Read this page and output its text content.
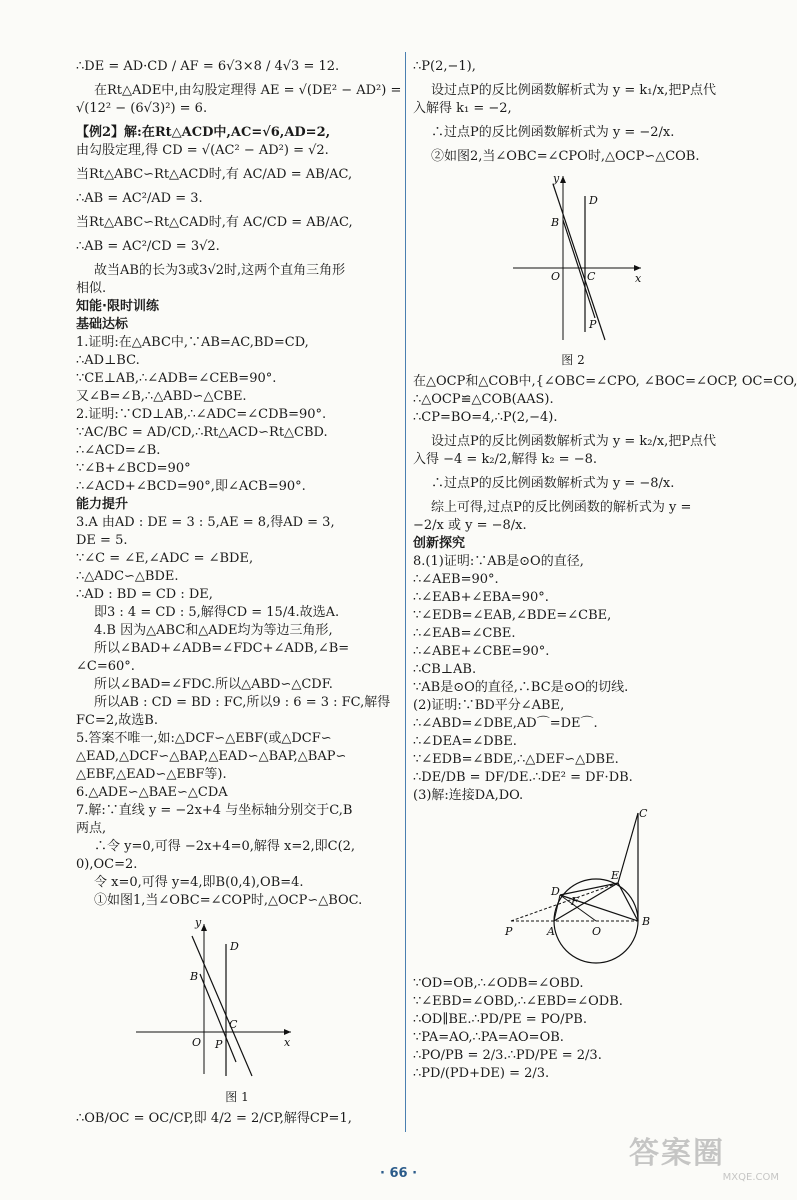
∴DE = AD·CD / AF = 6√3×8 / 4√3 = 12.
在Rt△ADE中,由勾股定理得 AE = √(DE² − AD²) =
√(12² − (6√3)²) = 6.
【例2】解:在Rt△ACD中,AC=√6,AD=2,
由勾股定理,得 CD = √(AC² − AD²) = √2.
当Rt△ABC∽Rt△ACD时,有 AC/AD = AB/AC,
∴AB = AC²/AD = 3.
当Rt△ABC∽Rt△CAD时,有 AC/CD = AB/AC,
∴AB = AC²/CD = 3√2.
故当AB的长为3或3√2时,这两个直角三角形
相似.
知能·限时训练
基础达标
1.证明:在△ABC中,∵AB=AC,BD=CD,
∴AD⊥BC.
∵CE⊥AB,∴∠ADB=∠CEB=90°.
又∠B=∠B,∴△ABD∽△CBE.
2.证明:∵CD⊥AB,∴∠ADC=∠CDB=90°.
∵AC/BC = AD/CD,∴Rt△ACD∽Rt△CBD.
∴∠ACD=∠B.
∵∠B+∠BCD=90°
∴∠ACD+∠BCD=90°,即∠ACB=90°.
能力提升
3.A 由AD : DE = 3 : 5,AE = 8,得AD = 3,
DE = 5.
∵∠C = ∠E,∠ADC = ∠BDE,
∴△ADC∽△BDE.
∴AD : BD = CD : DE,
即3 : 4 = CD : 5,解得CD = 15/4.故选A.
4.B 因为△ABC和△ADE均为等边三角形,
所以∠BAD+∠ADB=∠FDC+∠ADB,∠B=
∠C=60°.
所以∠BAD=∠FDC.所以△ABD∽△CDF.
所以AB : CD = BD : FC,所以9 : 6 = 3 : FC,解得
FC=2,故选B.
5.答案不唯一,如:△DCF∽△EBF(或△DCF∽
△EAD,△DCF∽△BAP,△EAD∽△BAP,△BAP∽
△EBF,△EAD∽△EBF等).
6.△ADE∽△BAE∽△CDA
7.解:∵直线 y = −2x+4 与坐标轴分别交于C,B
两点,
∴令 y=0,可得 −2x+4=0,解得 x=2,即C(2,
0),OC=2.
令 x=0,可得 y=4,即B(0,4),OB=4.
①如图1,当∠OBC=∠COP时,△OCP∽△BOC.
y
x
B
D
C
O P
图 1
∴OB/OC = OC/CP,即 4/2 = 2/CP,解得CP=1,
∴P(2,−1),
设过点P的反比例函数解析式为 y = k₁/x,把P点代
入解得 k₁ = −2,
∴过点P的反比例函数解析式为 y = −2/x.
②如图2,当∠OBC=∠CPO时,△OCP∽△COB.
y
x
B
D
C
O
P
图 2
在△OCP和△COB中,{∠OBC=∠CPO, ∠BOC=∠OCP, OC=CO,
∴△OCP≌△COB(AAS).
∴CP=BO=4,∴P(2,−4).
设过点P的反比例函数解析式为 y = k₂/x,把P点代
入得 −4 = k₂/2,解得 k₂ = −8.
∴过点P的反比例函数解析式为 y = −8/x.
综上可得,过点P的反比例函数的解析式为 y =
−2/x 或 y = −8/x.
创新探究
8.(1)证明:∵AB是⊙O的直径,
∴∠AEB=90°.
∴∠EAB+∠EBA=90°.
∵∠EDB=∠EAB,∠BDE=∠CBE,
∴∠EAB=∠CBE.
∴∠ABE+∠CBE=90°.
∴CB⊥AB.
∵AB是⊙O的直径,∴BC是⊙O的切线.
(2)证明:∵BD平分∠ABE,
∴∠ABD=∠DBE,AD⌒=DE⌒.
∴∠DEA=∠DBE.
∵∠EDB=∠BDE,∴△DEF∽△DBE.
∴DE/DB = DF/DE.∴DE² = DF·DB.
(3)解:连接DA,DO.
C
E
D
F
P	A	O
B
∵OD=OB,∴∠ODB=∠OBD.
∵∠EBD=∠OBD,∴∠EBD=∠ODB.
∴OD∥BE.∴PD/PE = PO/PB.
∵PA=AO,∴PA=AO=OB.
∴PO/PB = 2/3.∴PD/PE = 2/3.
∴PD/(PD+DE) = 2/3.
· 66 ·
答案圈
MXQE.COM
